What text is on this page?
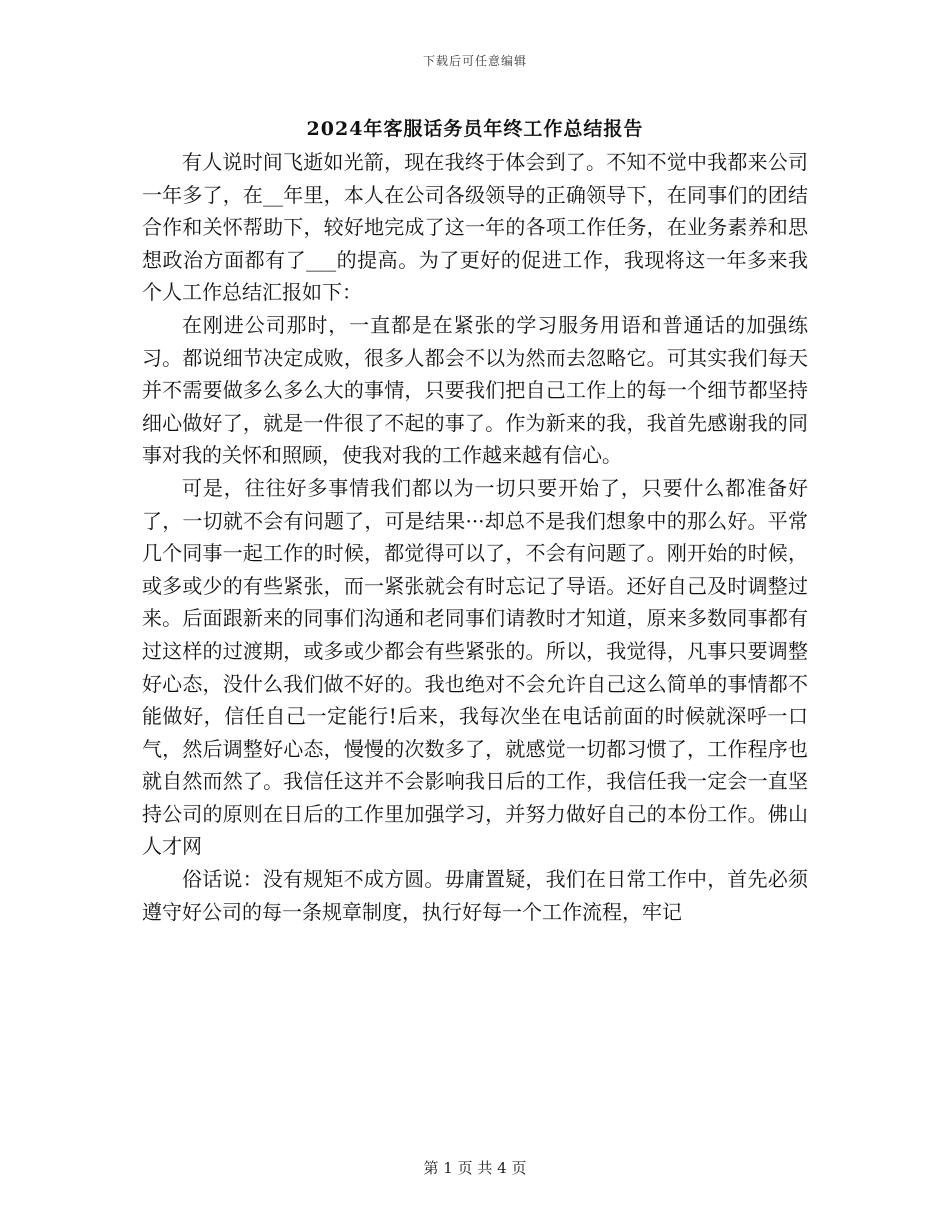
下载后可任意编辑
2024年客服话务员年终工作总结报告

有人说时间飞逝如光箭，现在我终于体会到了。不知不觉中我都来公司一年多了，在__年里，本人在公司各级领导的正确领导下，在同事们的团结合作和关怀帮助下，较好地完成了这一年的各项工作任务，在业务素养和思想政治方面都有了___的提高。为了更好的促进工作，我现将这一年多来我个人工作总结汇报如下：

在刚进公司那时，一直都是在紧张的学习服务用语和普通话的加强练习。都说细节决定成败，很多人都会不以为然而去忽略它。可其实我们每天并不需要做多么多么大的事情，只要我们把自己工作上的每一个细节都坚持细心做好了，就是一件很了不起的事了。作为新来的我，我首先感谢我的同事对我的关怀和照顾，使我对我的工作越来越有信心。

可是，往往好多事情我们都以为一切只要开始了，只要什么都准备好了，一切就不会有问题了，可是结果···却总不是我们想象中的那么好。平常几个同事一起工作的时候，都觉得可以了，不会有问题了。刚开始的时候，或多或少的有些紧张，而一紧张就会有时忘记了导语。还好自己及时调整过来。后面跟新来的同事们沟通和老同事们请教时才知道，原来多数同事都有过这样的过渡期，或多或少都会有些紧张的。所以，我觉得，凡事只要调整好心态，没什么我们做不好的。我也绝对不会允许自己这么简单的事情都不能做好，信任自己一定能行!后来，我每次坐在电话前面的时候就深呼一口气，然后调整好心态，慢慢的次数多了，就感觉一切都习惯了，工作程序也就自然而然了。我信任这并不会影响我日后的工作，我信任我一定会一直坚持公司的原则在日后的工作里加强学习，并努力做好自己的本份工作。佛山人才网

俗话说：没有规矩不成方圆。毋庸置疑，我们在日常工作中，首先必须遵守好公司的每一条规章制度，执行好每一个工作流程，牢记

第 1 页 共 4 页
